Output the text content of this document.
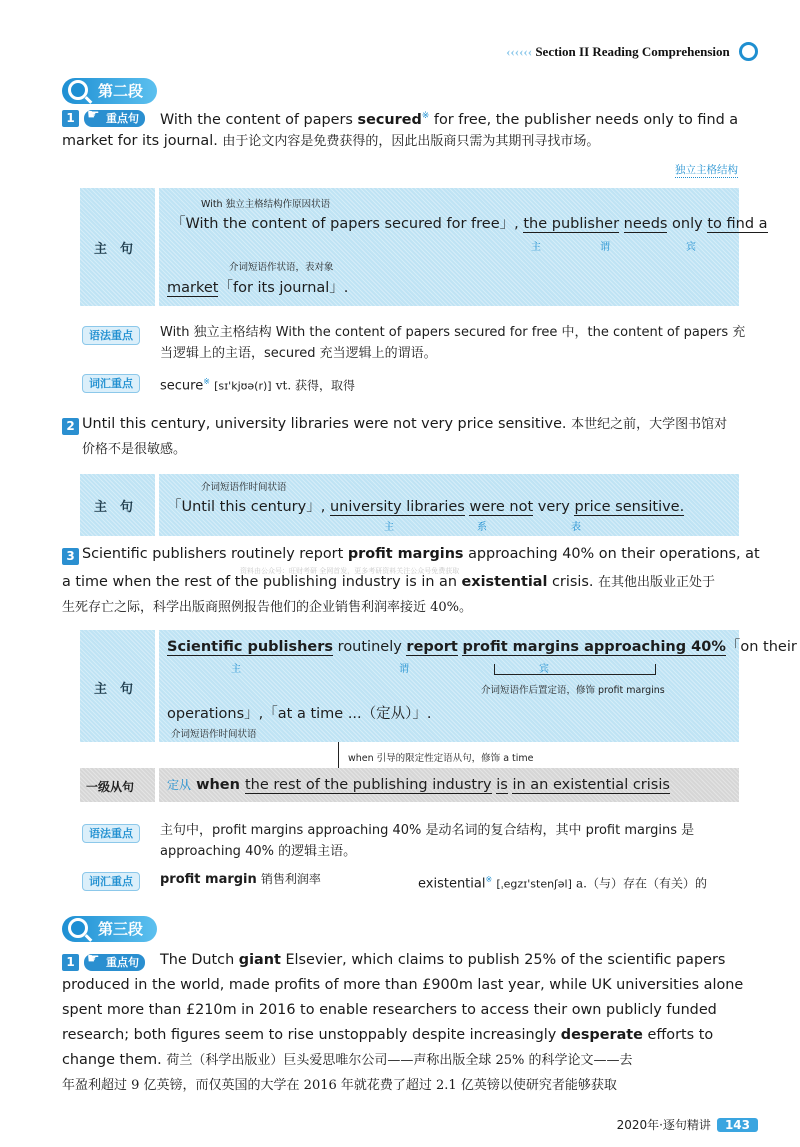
‹‹‹‹‹‹ Section II Reading Comprehension
第二段
1 ☛ 重点句	With the content of papers secured※ for free, the publisher needs only to find a
market for its journal. 由于论文内容是免费获得的，因此出版商只需为其期刊寻找市场。
独立主格结构
主　句
With 独立主格结构作原因状语
「With the content of papers secured for free」, the publisher needs only to find a
主	谓	宾
介词短语作状语，表对象
market「for its journal」.
语法重点	With 独立主格结构 With the content of papers secured for free 中，the content of papers 充
当逻辑上的主语，secured 充当逻辑上的谓语。
词汇重点	secure※ [sɪ'kjʊə(r)] vt. 获得，取得
2 Until this century, university libraries were not very price sensitive. 本世纪之前，大学图书馆对
价格不是很敏感。
主　句
介词短语作时间状语
「Until this century」, university libraries were not very price sensitive.
主	系	表
3 Scientific publishers routinely report profit margins approaching 40% on their operations, at
资料由公众号：旺财考研 全网首发，更多考研资料关注公众号免费获取
a time when the rest of the publishing industry is in an existential crisis. 在其他出版业正处于
生死存亡之际，科学出版商照例报告他们的企业销售利润率接近 40%。
主　句
Scientific publishers routinely report profit margins approaching 40%「on their
主	谓	宾
介词短语作后置定语，修饰 profit margins
operations」,「at a time ...（定从）」.
介词短语作时间状语
when 引导的限定性定语从句，修饰 a time
一级从句	定从 when the rest of the publishing industry is in an existential crisis
语法重点	主句中，profit margins approaching 40% 是动名词的复合结构，其中 profit margins 是
approaching 40% 的逻辑主语。
词汇重点	profit margin 销售利润率	existential※ [ˌegzɪ'stenʃəl] a.（与）存在（有关）的
第三段
1 ☛ 重点句	The Dutch giant Elsevier, which claims to publish 25% of the scientific papers
produced in the world, made profits of more than £900m last year, while UK universities alone
spent more than £210m in 2016 to enable researchers to access their own publicly funded
research; both figures seem to rise unstoppably despite increasingly desperate efforts to
change them. 荷兰（科学出版业）巨头爱思唯尔公司——声称出版全球 25% 的科学论文——去
年盈利超过 9 亿英镑，而仅英国的大学在 2016 年就花费了超过 2.1 亿英镑以使研究者能够获取
2020年·逐句精讲 143
